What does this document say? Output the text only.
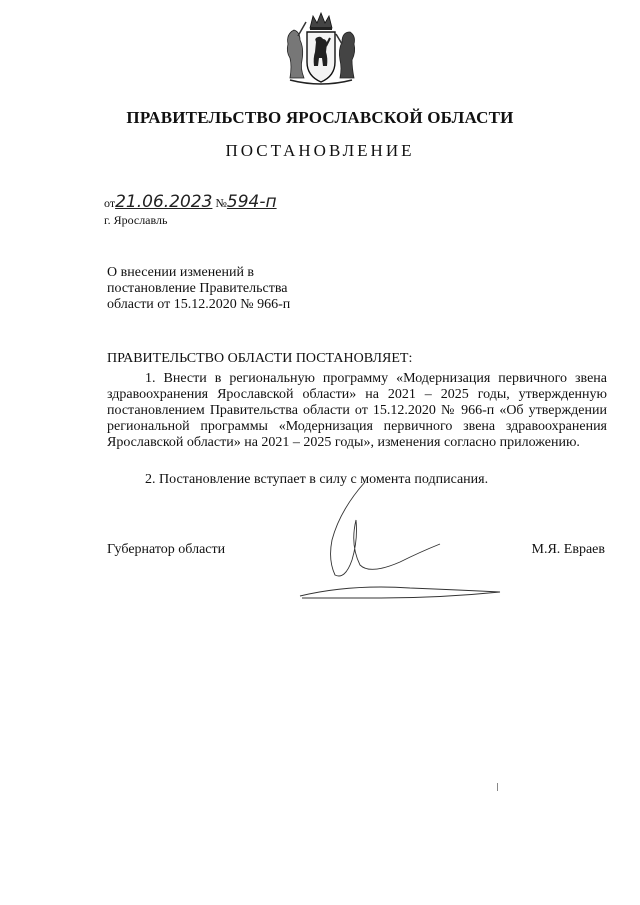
ПРАВИТЕЛЬСТВО ЯРОСЛАВСКОЙ ОБЛАСТИ
ПОСТАНОВЛЕНИЕ
от21.06.2023 №594-п
г. Ярославль
О внесении изменений в
постановление Правительства
области от 15.12.2020 № 966-п
ПРАВИТЕЛЬСТВО ОБЛАСТИ ПОСТАНОВЛЯЕТ:
1. Внести в региональную программу «Модернизация первичного звена здравоохранения Ярославской области» на 2021 – 2025 годы, утвержденную постановлением Правительства области от 15.12.2020 № 966-п «Об утверждении региональной программы «Модернизация первичного звена здравоохранения Ярославской области» на 2021 – 2025 годы», изменения согласно приложению.
2. Постановление вступает в силу с момента подписания.
Губернатор области	М.Я. Евраев
